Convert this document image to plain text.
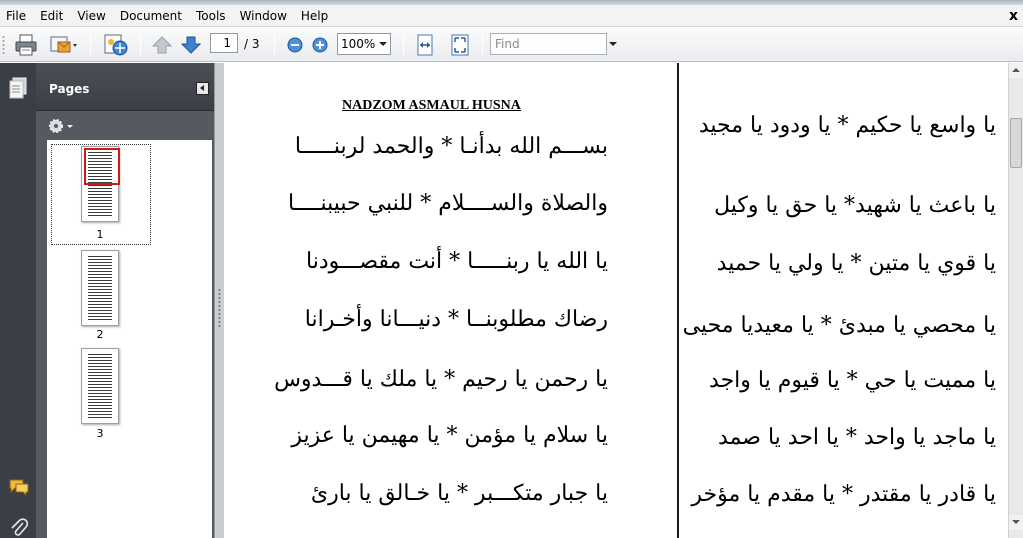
File	Edit	View	Document	Tools	Window	Help	x
1	/ 3	100%	Find
Pages
1
2
3
NADZOM ASMAUL HUSNA
بســـم الله بدأنـا * والحمد لربنـــــا
والصلاة والســــلام * للنبي حبيبنــــا
يا الله يا ربنـــــا * أنت مقصـــودنا
رضاك مطلوبنــا * دنيـــانا وأخـرانا
يا رحمن يا رحيم * يا ملك يا قـــدوس
يا سلام يا مؤمن * يا مهيمن يا عزيز
يا جبار متكـــبر * يا خـالق يا بارئ
يا واسع يا حكيم * يا ودود يا مجيد
يا باعث يا شهيد* يا حق يا وكيل
يا قوي يا متين * يا ولي يا حميد
يا محصي يا مبدئ * يا معيديا محيى
يا مميت يا حي * يا قيوم يا واجد
يا ماجد يا واحد * يا احد يا صمد
يا قادر يا مقتدر * يا مقدم يا مؤخر
